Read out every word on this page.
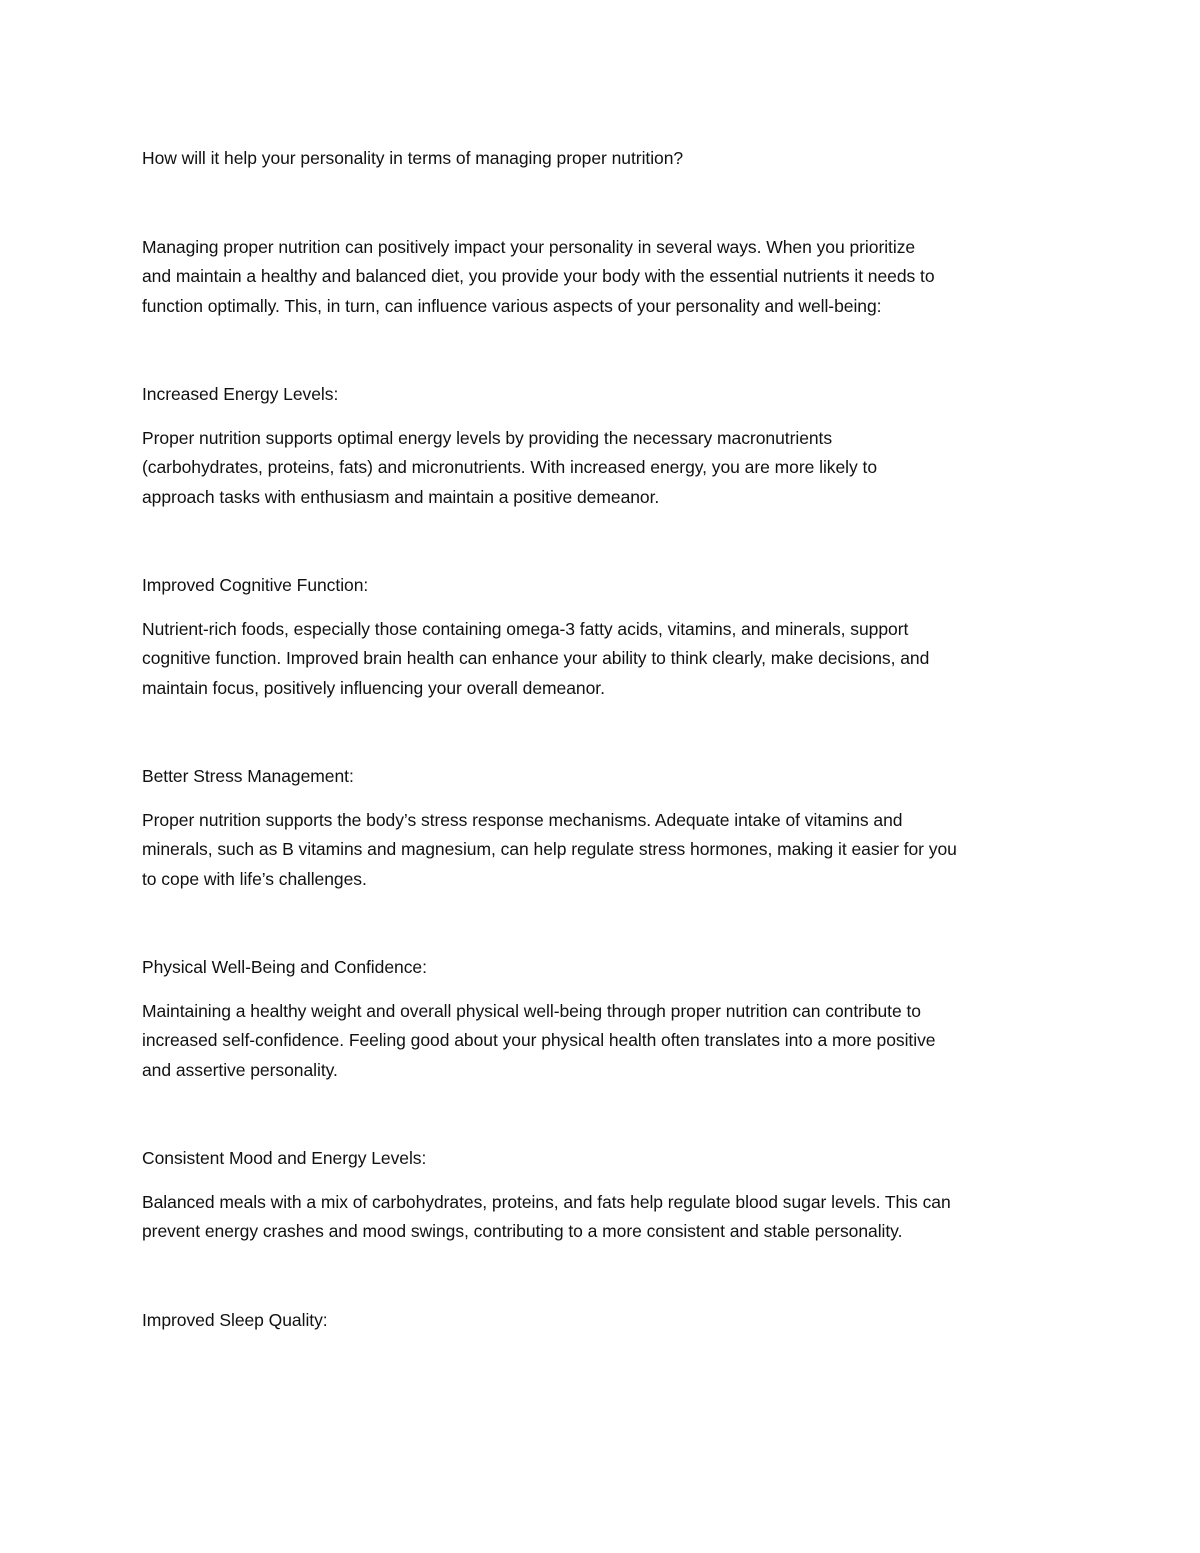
How will it help your personality in terms of managing proper nutrition?

Managing proper nutrition can positively impact your personality in several ways. When you prioritize

and maintain a healthy and balanced diet, you provide your body with the essential nutrients it needs to

function optimally. This, in turn, can influence various aspects of your personality and well-being:

Increased Energy Levels:

Proper nutrition supports optimal energy levels by providing the necessary macronutrients

(carbohydrates, proteins, fats) and micronutrients. With increased energy, you are more likely to

approach tasks with enthusiasm and maintain a positive demeanor.

Improved Cognitive Function:

Nutrient-rich foods, especially those containing omega-3 fatty acids, vitamins, and minerals, support

cognitive function. Improved brain health can enhance your ability to think clearly, make decisions, and

maintain focus, positively influencing your overall demeanor.

Better Stress Management:

Proper nutrition supports the body’s stress response mechanisms. Adequate intake of vitamins and

minerals, such as B vitamins and magnesium, can help regulate stress hormones, making it easier for you

to cope with life’s challenges.

Physical Well-Being and Confidence:

Maintaining a healthy weight and overall physical well-being through proper nutrition can contribute to

increased self-confidence. Feeling good about your physical health often translates into a more positive

and assertive personality.

Consistent Mood and Energy Levels:

Balanced meals with a mix of carbohydrates, proteins, and fats help regulate blood sugar levels. This can

prevent energy crashes and mood swings, contributing to a more consistent and stable personality.

Improved Sleep Quality:
